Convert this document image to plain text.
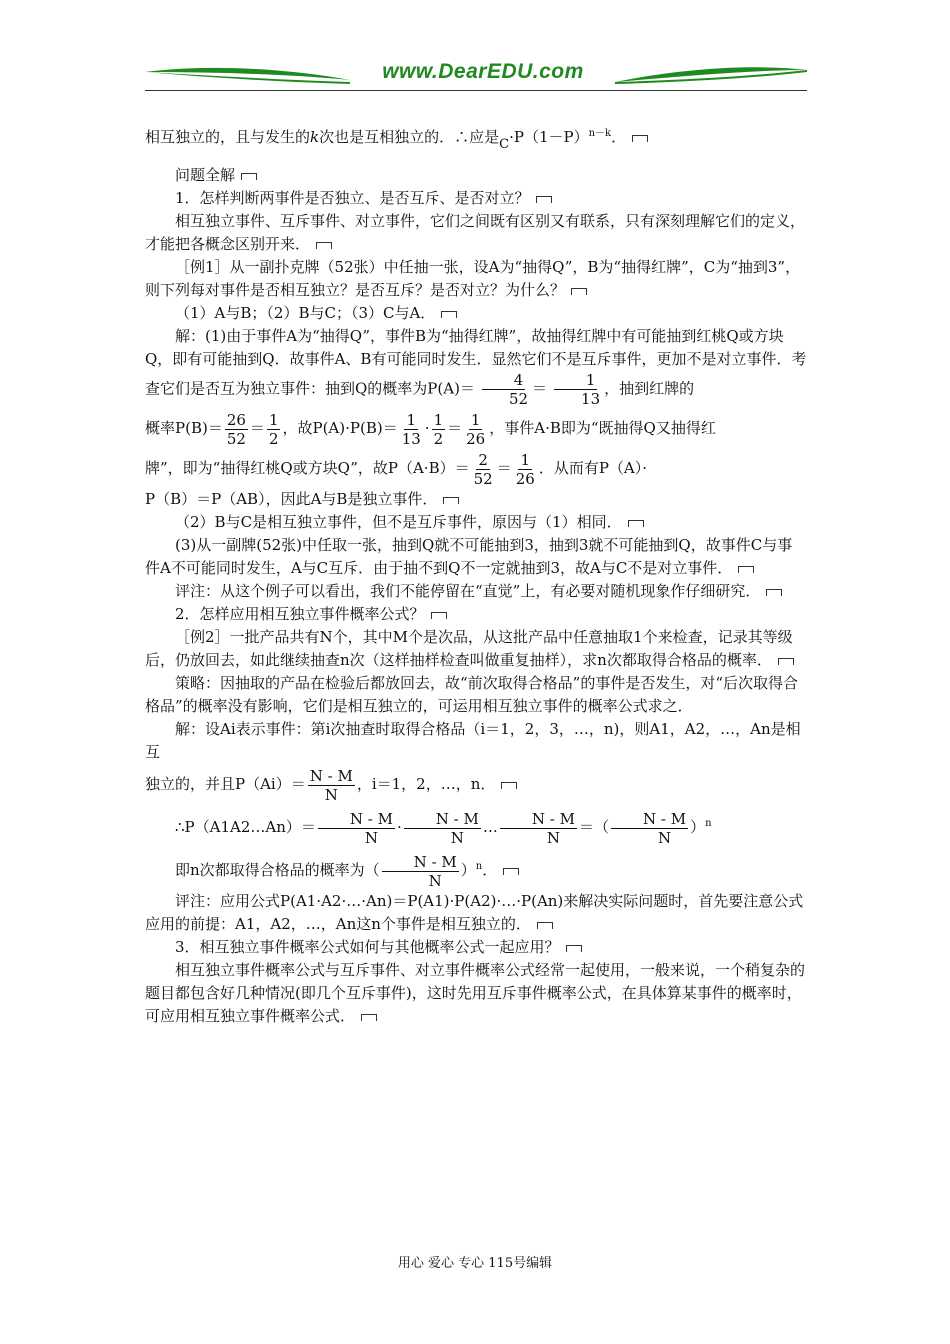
www.DearEDU.com

相互独立的，且与发生的k次也是互相独立的．∴应是$C\cdot P(1-P)^{n-k}$．

问题全解

1．怎样判断两事件是否独立、是否互斥、是否对立？

相互独立事件、互斥事件、对立事件，它们之间既有区别又有联系，只有深刻理解它们的定义，才能把各概念区别开来．

［例1］从一副扑克牌（52张）中任抽一张，设A为“抽得Q”，B为“抽得红牌”，C为“抽到3”，则下列每对事件是否相互独立？是否互斥？是否对立？为什么？

（1）A与B；（2）B与C；（3）C与A．

解：(1)由于事件A为“抽得Q”，事件B为“抽得红牌”，故抽得红牌中有可能抽到红桃Q或方块Q，即有可能抽到Q．故事件A、B有可能同时发生．显然它们不是互斥事件，更加不是对立事件．考查它们是否互为独立事件：抽到Q的概率为$P(A)= \frac{4}{52} = \frac{1}{13}$ ，抽到红牌的

概率$P(B)= \frac{26}{52} = \frac{1}{2}$ ，故$P(A)\cdot P(B)= \frac{1}{13} \cdot \frac{1}{2} = \frac{1}{26}$ ，事件A·B即为“既抽得Q又抽得红

牌”，即为“抽得红桃Q或方块Q”，故$P(A\cdot B)= \frac{2}{52} = \frac{1}{26}$ ．从而有P（A）·

P（B）＝P（AB），因此A与B是独立事件．

（2）B与C是相互独立事件，但不是互斥事件，原因与（1）相同．

(3)从一副牌(52张)中任取一张，抽到Q就不可能抽到3，抽到3就不可能抽到Q，故事件C与事件A不可能同时发生，A与C互斥．由于抽不到Q不一定就抽到3，故A与C不是对立事件．

评注：从这个例子可以看出，我们不能停留在“直觉”上，有必要对随机现象作仔细研究．

2．怎样应用相互独立事件概率公式？

［例2］一批产品共有N个，其中M个是次品，从这批产品中任意抽取1个来检查，记录其等级后，仍放回去，如此继续抽查n次（这样抽样检查叫做重复抽样），求n次都取得合格品的概率．

策略：因抽取的产品在检验后都放回去，故“前次取得合格品”的事件是否发生，对“后次取得合格品”的概率没有影响，它们是相互独立的，可运用相互独立事件的概率公式求之．

解：设Ai表示事件：第i次抽查时取得合格品（i＝1，2，3，…，n)，则A1，A2，…，An是相互

独立的，并且$P(Ai)= \frac{N - M}{N}$ ，i＝1，2，…，n．

∴P（A1A2…An）＝ $\frac{N - M}{N} \cdot \frac{N - M}{N}$ … $\frac{N - M}{N}$ ＝（ $\frac{N - M}{N} )^n$

即n次都取得合格品的概率为（ $\frac{N - M}{N} )^n$．

评注：应用公式P(A1·A2·…·An)＝P(A1)·P(A2)·…·P(An)来解决实际问题时，首先要注意公式应用的前提：A1，A2，…，An这n个事件是相互独立的．

3．相互独立事件概率公式如何与其他概率公式一起应用？

相互独立事件概率公式与互斥事件、对立事件概率公式经常一起使用，一般来说，一个稍复杂的题目都包含好几种情况(即几个互斥事件)，这时先用互斥事件概率公式，在具体算某事件的概率时，可应用相互独立事件概率公式．

用心 爱心 专心 115号编辑
